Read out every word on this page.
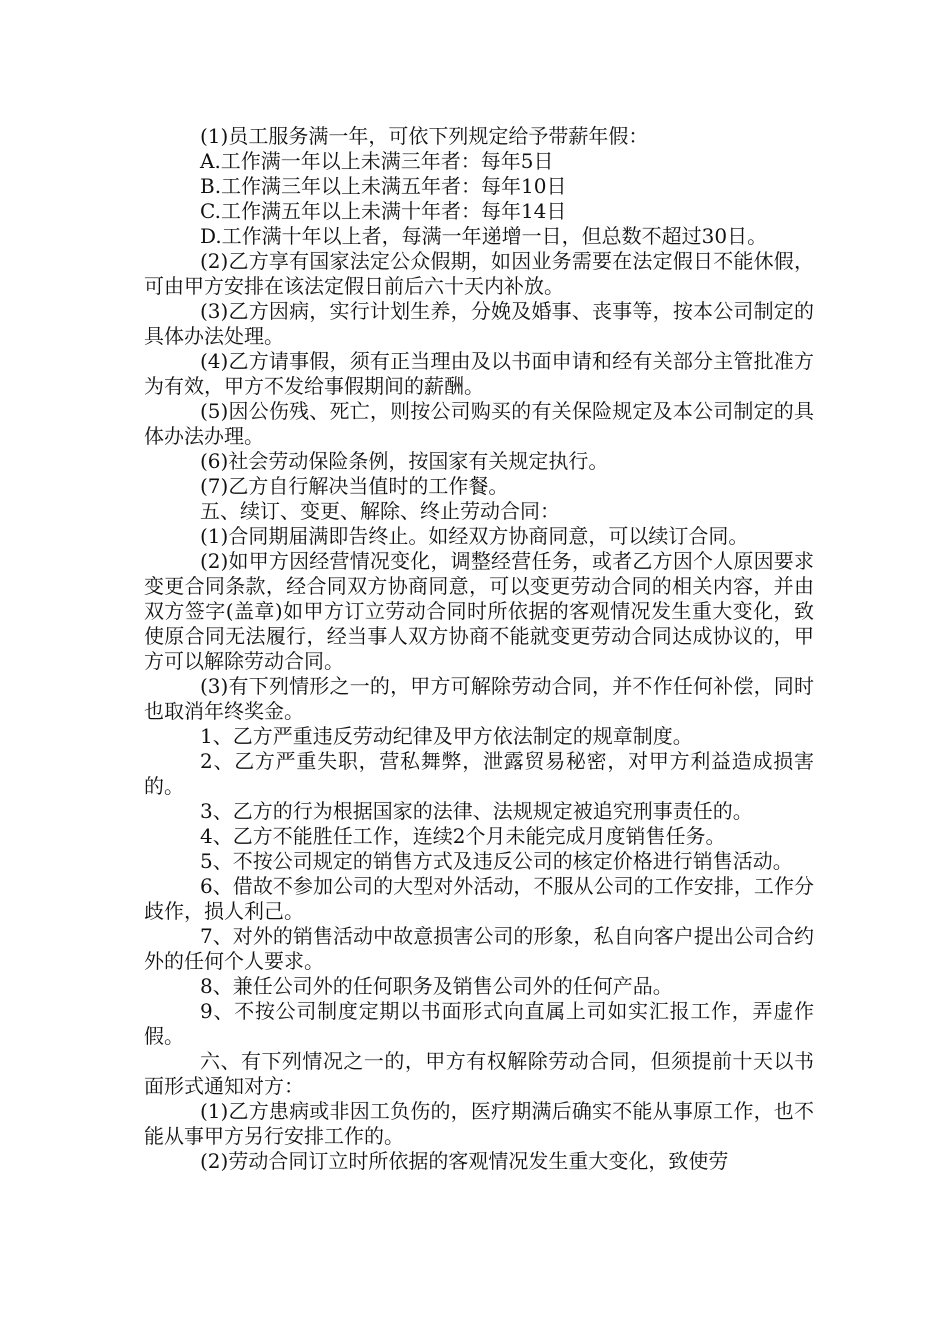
(1)员工服务满一年，可依下列规定给予带薪年假：

A.工作满一年以上未满三年者：每年5日

B.工作满三年以上未满五年者：每年10日

C.工作满五年以上未满十年者：每年14日

D.工作满十年以上者，每满一年递增一日，但总数不超过30日。

(2)乙方享有国家法定公众假期，如因业务需要在法定假日不能休假，可由甲方安排在该法定假日前后六十天内补放。

(3)乙方因病，实行计划生养，分娩及婚事、丧事等，按本公司制定的具体办法处理。

(4)乙方请事假，须有正当理由及以书面申请和经有关部分主管批准方为有效，甲方不发给事假期间的薪酬。

(5)因公伤残、死亡，则按公司购买的有关保险规定及本公司制定的具体办法办理。

(6)社会劳动保险条例，按国家有关规定执行。

(7)乙方自行解决当值时的工作餐。

五、续订、变更、解除、终止劳动合同：

(1)合同期届满即告终止。如经双方协商同意，可以续订合同。

(2)如甲方因经营情况变化，调整经营任务，或者乙方因个人原因要求变更合同条款，经合同双方协商同意，可以变更劳动合同的相关内容，并由双方签字(盖章)如甲方订立劳动合同时所依据的客观情况发生重大变化，致使原合同无法履行，经当事人双方协商不能就变更劳动合同达成协议的，甲方可以解除劳动合同。

(3)有下列情形之一的，甲方可解除劳动合同，并不作任何补偿，同时也取消年终奖金。

1、乙方严重违反劳动纪律及甲方依法制定的规章制度。

2、乙方严重失职，营私舞弊，泄露贸易秘密，对甲方利益造成损害的。

3、乙方的行为根据国家的法律、法规规定被追究刑事责任的。

4、乙方不能胜任工作，连续2个月未能完成月度销售任务。

5、不按公司规定的销售方式及违反公司的核定价格进行销售活动。

6、借故不参加公司的大型对外活动，不服从公司的工作安排，工作分歧作，损人利己。

7、对外的销售活动中故意损害公司的形象，私自向客户提出公司合约外的任何个人要求。

8、兼任公司外的任何职务及销售公司外的任何产品。

9、不按公司制度定期以书面形式向直属上司如实汇报工作，弄虚作假。

六、有下列情况之一的，甲方有权解除劳动合同，但须提前十天以书面形式通知对方：

(1)乙方患病或非因工负伤的，医疗期满后确实不能从事原工作，也不能从事甲方另行安排工作的。

(2)劳动合同订立时所依据的客观情况发生重大变化，致使劳
